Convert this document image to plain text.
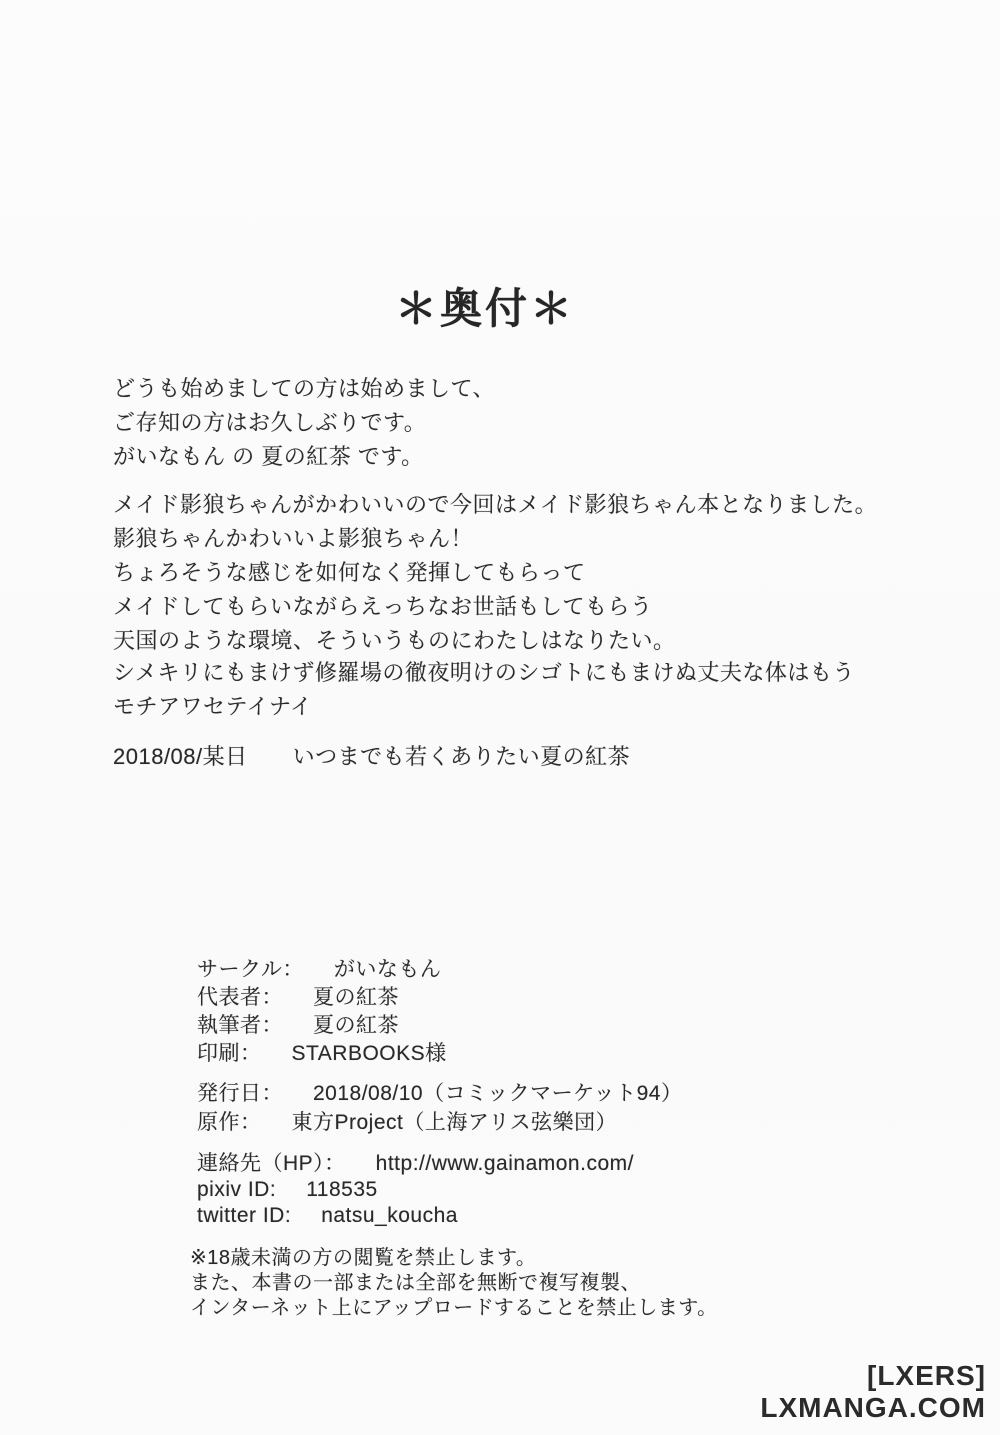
＊奥付＊
どうも始めましての方は始めまして、
ご存知の方はお久しぶりです。
がいなもん の 夏の紅茶 です。
メイド影狼ちゃんがかわいいので今回はメイド影狼ちゃん本となりました。
影狼ちゃんかわいいよ影狼ちゃん！
ちょろそうな感じを如何なく発揮してもらって
メイドしてもらいながらえっちなお世話もしてもらう
天国のような環境、そういうものにわたしはなりたい。
シメキリにもまけず修羅場の徹夜明けのシゴトにもまけぬ丈夫な体はもう
モチアワセテイナイ
2018/08/某日　　いつまでも若くありたい夏の紅茶
サークル： がいなもん
代表者： 夏の紅茶
執筆者： 夏の紅茶
印刷： STARBOOKS様
発行日： 2018/08/10（コミックマーケット94）
原作： 東方Project（上海アリス弦樂団）
連絡先（HP）： http://www.gainamon.com/
pixiv ID: 118535
twitter ID: natsu_koucha
※18歳未満の方の閲覧を禁止します。
また、本書の一部または全部を無断で複写複製、
インターネット上にアップロードすることを禁止します。
[LXERS]
LXMANGA.COM
